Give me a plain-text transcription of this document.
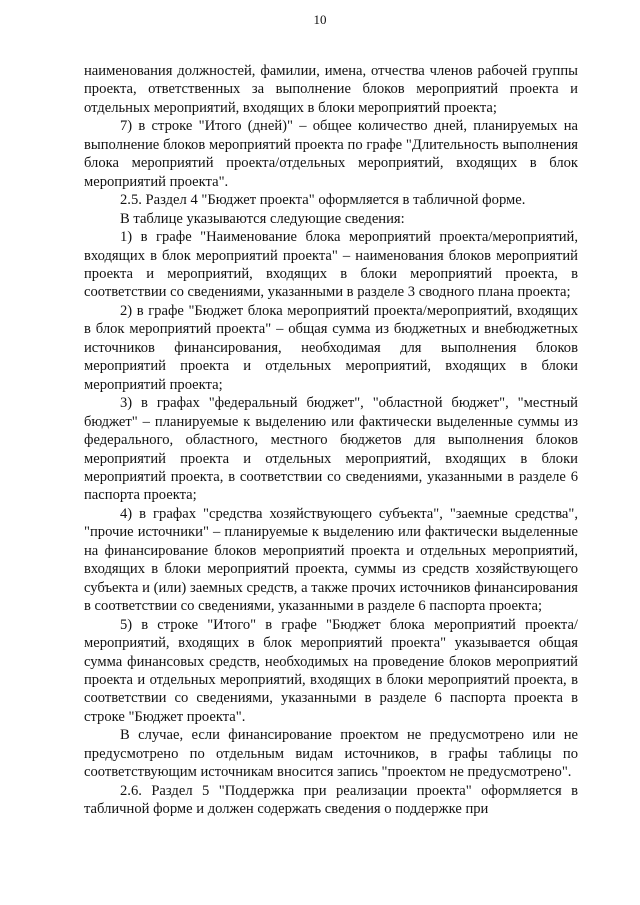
10

наименования должностей, фамилии, имена, отчества членов рабочей группы проекта, ответственных за выполнение блоков мероприятий проекта и отдельных мероприятий, входящих в блоки мероприятий проекта;

7) в строке "Итого (дней)" – общее количество дней, планируемых на выполнение блоков мероприятий проекта по графе "Длительность выполнения блока мероприятий проекта/отдельных мероприятий, входящих в блок мероприятий проекта".

2.5. Раздел 4 "Бюджет проекта" оформляется в табличной форме.

В таблице указываются следующие сведения:

1) в графе "Наименование блока мероприятий проекта/мероприятий, входящих в блок мероприятий проекта" – наименования блоков мероприятий проекта и мероприятий, входящих в блоки мероприятий проекта, в соответствии со сведениями, указанными в разделе 3 сводного плана проекта;

2) в графе "Бюджет блока мероприятий проекта/мероприятий, входящих в блок мероприятий проекта" – общая сумма из бюджетных и внебюджетных источников финансирования, необходимая для выполнения блоков мероприятий проекта и отдельных мероприятий, входящих в блоки мероприятий проекта;

3) в графах "федеральный бюджет", "областной бюджет", "местный бюджет" – планируемые к выделению или фактически выделенные суммы из федерального, областного, местного бюджетов для выполнения блоков мероприятий проекта и отдельных мероприятий, входящих в блоки мероприятий проекта, в соответствии со сведениями, указанными в разделе 6 паспорта проекта;

4) в графах "средства хозяйствующего субъекта", "заемные средства", "прочие источники" – планируемые к выделению или фактически выделенные на финансирование блоков мероприятий проекта и отдельных мероприятий, входящих в блоки мероприятий проекта, суммы из средств хозяйствующего субъекта и (или) заемных средств, а также прочих источников финансирования в соответствии со сведениями, указанными в разделе 6 паспорта проекта;

5) в строке "Итого" в графе "Бюджет блока мероприятий проекта/ мероприятий, входящих в блок мероприятий проекта" указывается общая сумма финансовых средств, необходимых на проведение блоков мероприятий проекта и отдельных мероприятий, входящих в блоки мероприятий проекта, в соответствии со сведениями, указанными в разделе 6 паспорта проекта в строке "Бюджет проекта".

В случае, если финансирование проектом не предусмотрено или не предусмотрено по отдельным видам источников, в графы таблицы по соответствующим источникам вносится запись "проектом не предусмотрено".

2.6. Раздел 5 "Поддержка при реализации проекта" оформляется в табличной форме и должен содержать сведения о поддержке при
